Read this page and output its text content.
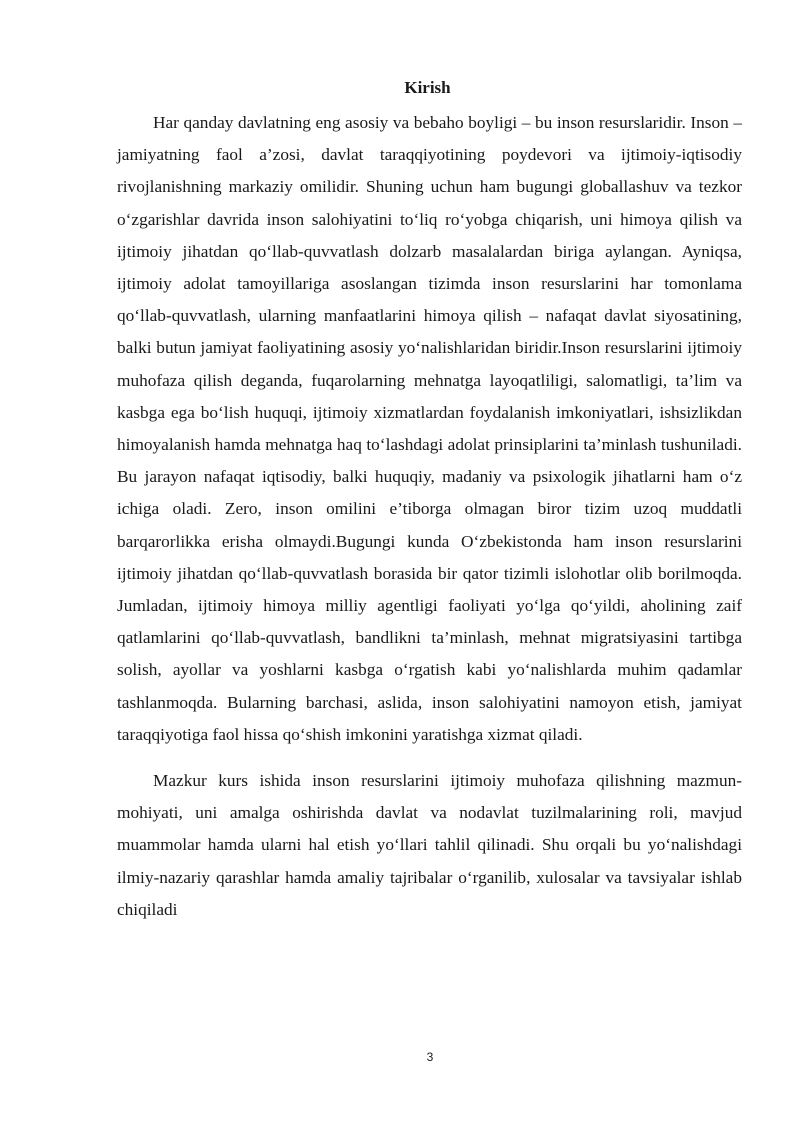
Kirish

Har qanday davlatning eng asosiy va bebaho boyligi – bu inson resurslaridir. Inson – jamiyatning faol a’zosi, davlat taraqqiyotining poydevori va ijtimoiy-iqtisodiy rivojlanishning markaziy omilidir. Shuning uchun ham bugungi globallashuv va tezkor o‘zgarishlar davrida inson salohiyatini to‘liq ro‘yobga chiqarish, uni himoya qilish va ijtimoiy jihatdan qo‘llab-quvvatlash dolzarb masalalardan biriga aylangan. Ayniqsa, ijtimoiy adolat tamoyillariga asoslangan tizimda inson resurslarini har tomonlama qo‘llab-quvvatlash, ularning manfaatlarini himoya qilish – nafaqat davlat siyosatining, balki butun jamiyat faoliyatining asosiy yo‘nalishlaridan biridir.Inson resurslarini ijtimoiy muhofaza qilish deganda, fuqarolarning mehnatga layoqatliligi, salomatligi, ta’lim va kasbga ega bo‘lish huquqi, ijtimoiy xizmatlardan foydalanish imkoniyatlari, ishsizlikdan himoyalanish hamda mehnatga haq to‘lashdagi adolat prinsiplarini ta’minlash tushuniladi. Bu jarayon nafaqat iqtisodiy, balki huquqiy, madaniy va psixologik jihatlarni ham o‘z ichiga oladi. Zero, inson omilini e’tiborga olmagan biror tizim uzoq muddatli barqarorlikka erisha olmaydi.Bugungi kunda O‘zbekistonda ham inson resurslarini ijtimoiy jihatdan qo‘llab-quvvatlash borasida bir qator tizimli islohotlar olib borilmoqda. Jumladan, ijtimoiy himoya milliy agentligi faoliyati yo‘lga qo‘yildi, aholining zaif qatlamlarini qo‘llab-quvvatlash, bandlikni ta’minlash, mehnat migratsiyasini tartibga solish, ayollar va yoshlarni kasbga o‘rgatish kabi yo‘nalishlarda muhim qadamlar tashlanmoqda. Bularning barchasi, aslida, inson salohiyatini namoyon etish, jamiyat taraqqiyotiga faol hissa qo‘shish imkonini yaratishga xizmat qiladi.

Mazkur kurs ishida inson resurslarini ijtimoiy muhofaza qilishning mazmun-mohiyati, uni amalga oshirishda davlat va nodavlat tuzilmalarining roli, mavjud muammolar hamda ularni hal etish yo‘llari tahlil qilinadi. Shu orqali bu yo‘nalishdagi ilmiy-nazariy qarashlar hamda amaliy tajribalar o‘rganilib, xulosalar va tavsiyalar ishlab chiqiladi

3
